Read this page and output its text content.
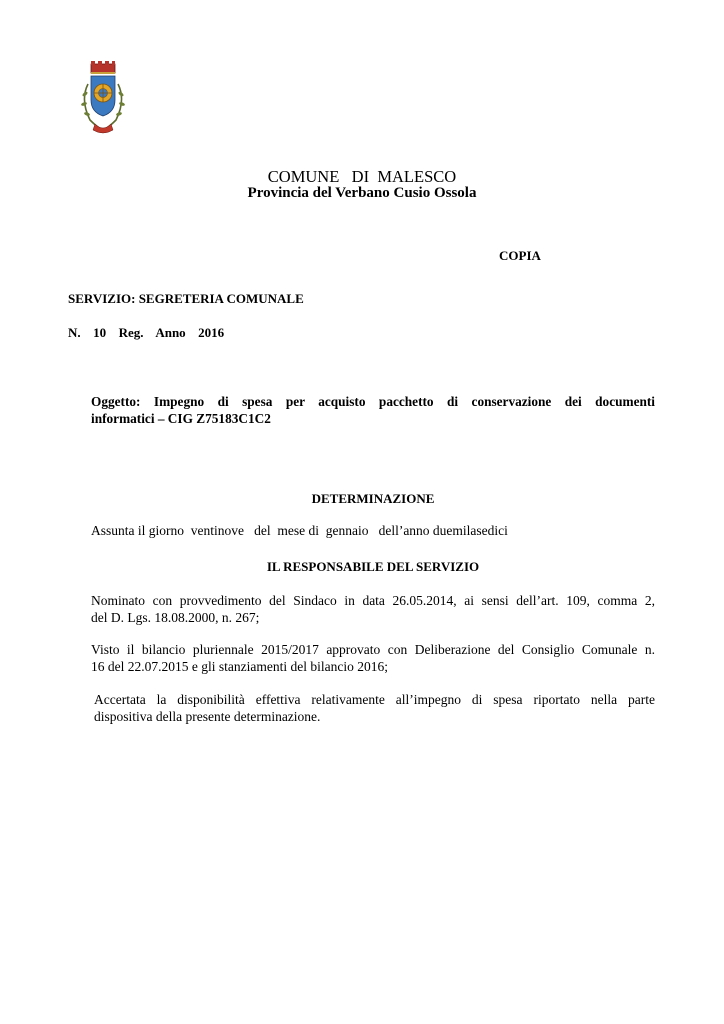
COMUNE   DI  MALESCO
Provincia del Verbano Cusio Ossola
COPIA
SERVIZIO: SEGRETERIA COMUNALE
N.  10  Reg.  Anno  2016
Oggetto: Impegno di spesa per acquisto pacchetto di conservazione dei documenti
informatici – CIG Z75183C1C2
DETERMINAZIONE
Assunta il giorno  ventinove   del  mese di  gennaio   dell’anno duemilasedici
IL RESPONSABILE DEL SERVIZIO
Nominato con provvedimento del Sindaco in data 26.05.2014, ai sensi dell’art. 109, comma 2,
del D. Lgs. 18.08.2000, n. 267;
Visto il bilancio pluriennale 2015/2017 approvato con Deliberazione del Consiglio Comunale n.
16 del 22.07.2015 e gli stanziamenti del bilancio 2016;
Accertata la disponibilità effettiva relativamente all’impegno di spesa riportato nella parte
dispositiva della presente determinazione.
